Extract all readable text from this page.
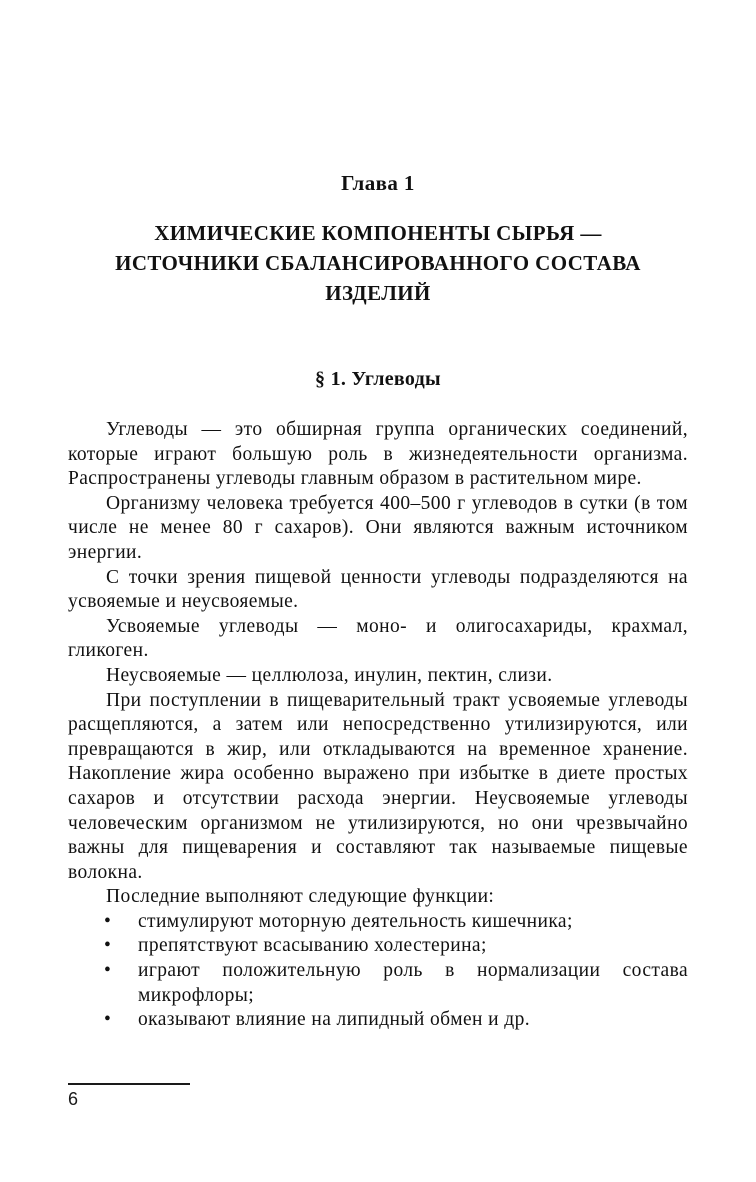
Глава 1
ХИМИЧЕСКИЕ КОМПОНЕНТЫ СЫРЬЯ — ИСТОЧНИКИ СБАЛАНСИРОВАННОГО СОСТАВА ИЗДЕЛИЙ
§ 1. Углеводы

Углеводы — это обширная группа органических соединений, которые играют большую роль в жизнедеятельности организма. Распространены углеводы главным образом в растительном мире.

Организму человека требуется 400–500 г углеводов в сутки (в том числе не менее 80 г сахаров). Они являются важным источником энергии.

С точки зрения пищевой ценности углеводы подразделяются на усвояемые и неусвояемые.

Усвояемые углеводы — моно- и олигосахариды, крахмал, гликоген.

Неусвояемые — целлюлоза, инулин, пектин, слизи.

При поступлении в пищеварительный тракт усвояемые углеводы расщепляются, а затем или непосредственно утилизируются, или превращаются в жир, или откладываются на временное хранение. Накопление жира особенно выражено при избытке в диете простых сахаров и отсутствии расхода энергии. Неусвояемые углеводы человеческим организмом не утилизируются, но они чрезвычайно важны для пищеварения и составляют так называемые пищевые волокна.

Последние выполняют следующие функции:

• стимулируют моторную деятельность кишечника;
• препятствуют всасыванию холестерина;
• играют положительную роль в нормализации состава микрофлоры;
• оказывают влияние на липидный обмен и др.
6
